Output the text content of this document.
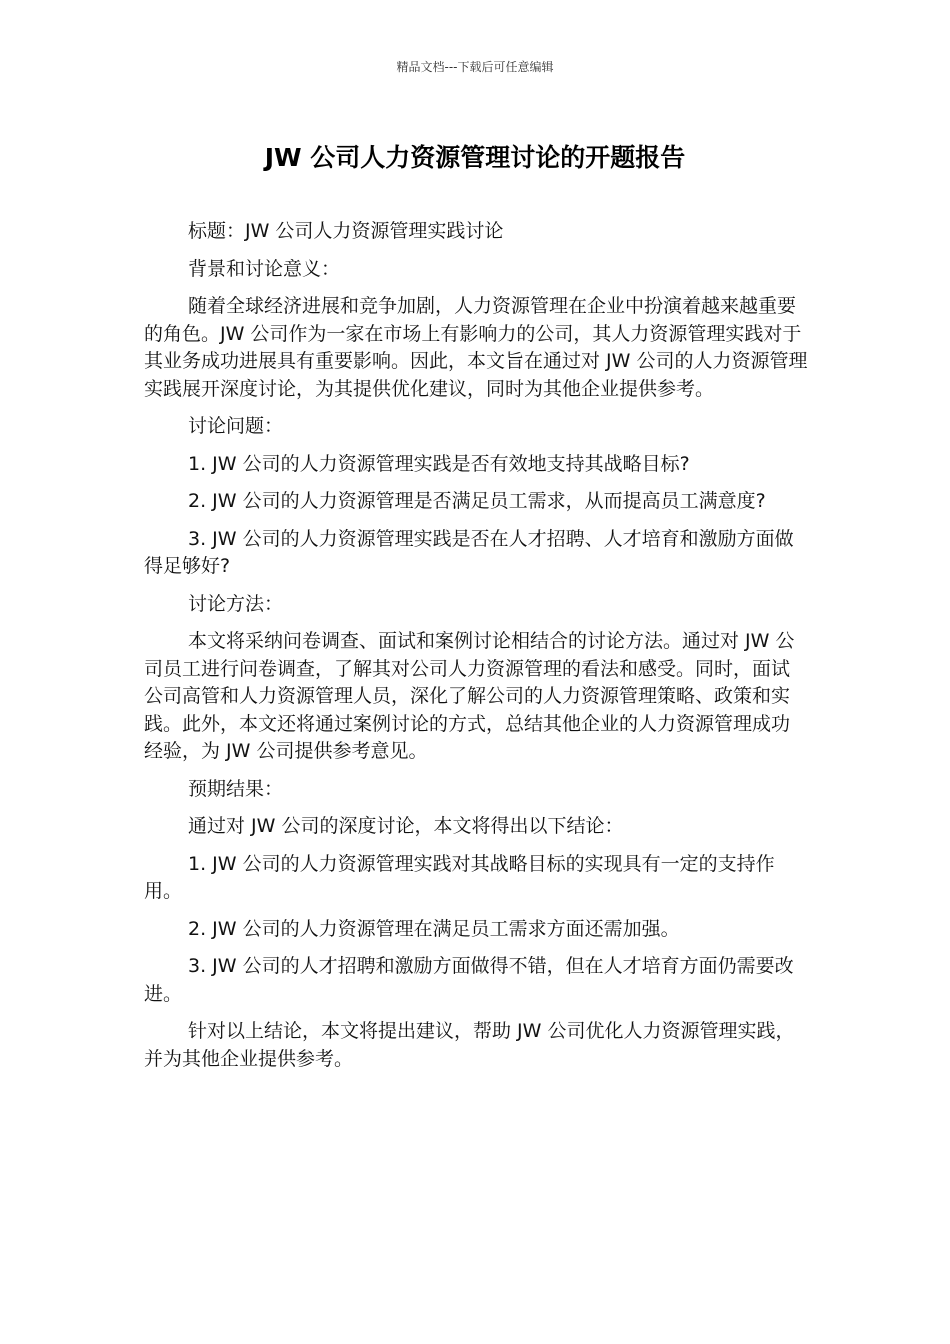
精品文档---下载后可任意编辑
JW 公司人力资源管理讨论的开题报告

标题：JW 公司人力资源管理实践讨论

背景和讨论意义：

随着全球经济进展和竞争加剧，人力资源管理在企业中扮演着越来越重要的角色。JW 公司作为一家在市场上有影响力的公司，其人力资源管理实践对于其业务成功进展具有重要影响。因此，本文旨在通过对 JW 公司的人力资源管理实践展开深度讨论，为其提供优化建议，同时为其他企业提供参考。

讨论问题：

1. JW 公司的人力资源管理实践是否有效地支持其战略目标?

2. JW 公司的人力资源管理是否满足员工需求，从而提高员工满意度?

3. JW 公司的人力资源管理实践是否在人才招聘、人才培育和激励方面做得足够好?

讨论方法：

本文将采纳问卷调查、面试和案例讨论相结合的讨论方法。通过对 JW 公司员工进行问卷调查，了解其对公司人力资源管理的看法和感受。同时，面试公司高管和人力资源管理人员，深化了解公司的人力资源管理策略、政策和实践。此外，本文还将通过案例讨论的方式，总结其他企业的人力资源管理成功经验，为 JW 公司提供参考意见。

预期结果：

通过对 JW 公司的深度讨论，本文将得出以下结论：

1. JW 公司的人力资源管理实践对其战略目标的实现具有一定的支持作用。

2. JW 公司的人力资源管理在满足员工需求方面还需加强。

3. JW 公司的人才招聘和激励方面做得不错，但在人才培育方面仍需要改进。

针对以上结论，本文将提出建议，帮助 JW 公司优化人力资源管理实践，并为其他企业提供参考。
